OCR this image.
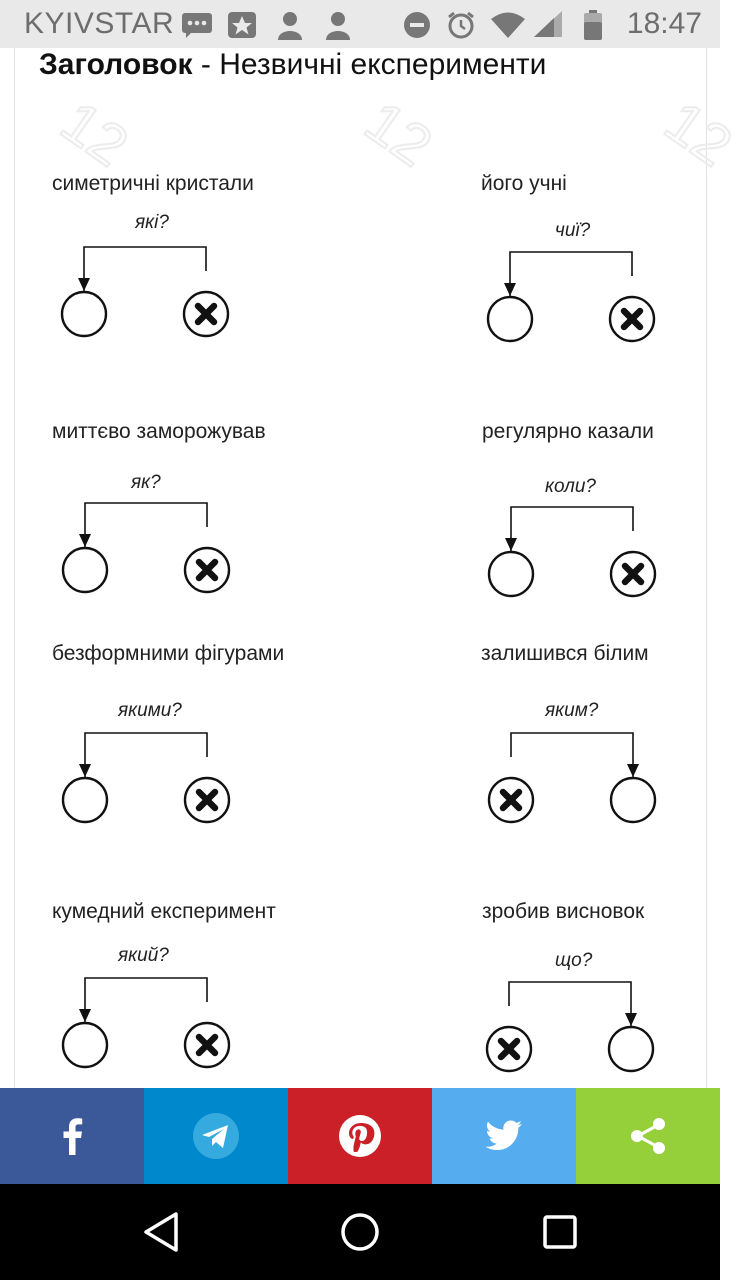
KYIVSTAR	18:47
Заголовок - Незвичні експерименти
12	12	12
симетричні кристали
які?
його учні
чиї?
миттєво заморожував
як?
регулярно казали
коли?
безформними фігурами
якими?
залишився білим
яким?
кумедний експеримент
який?
зробив висновок
що?
